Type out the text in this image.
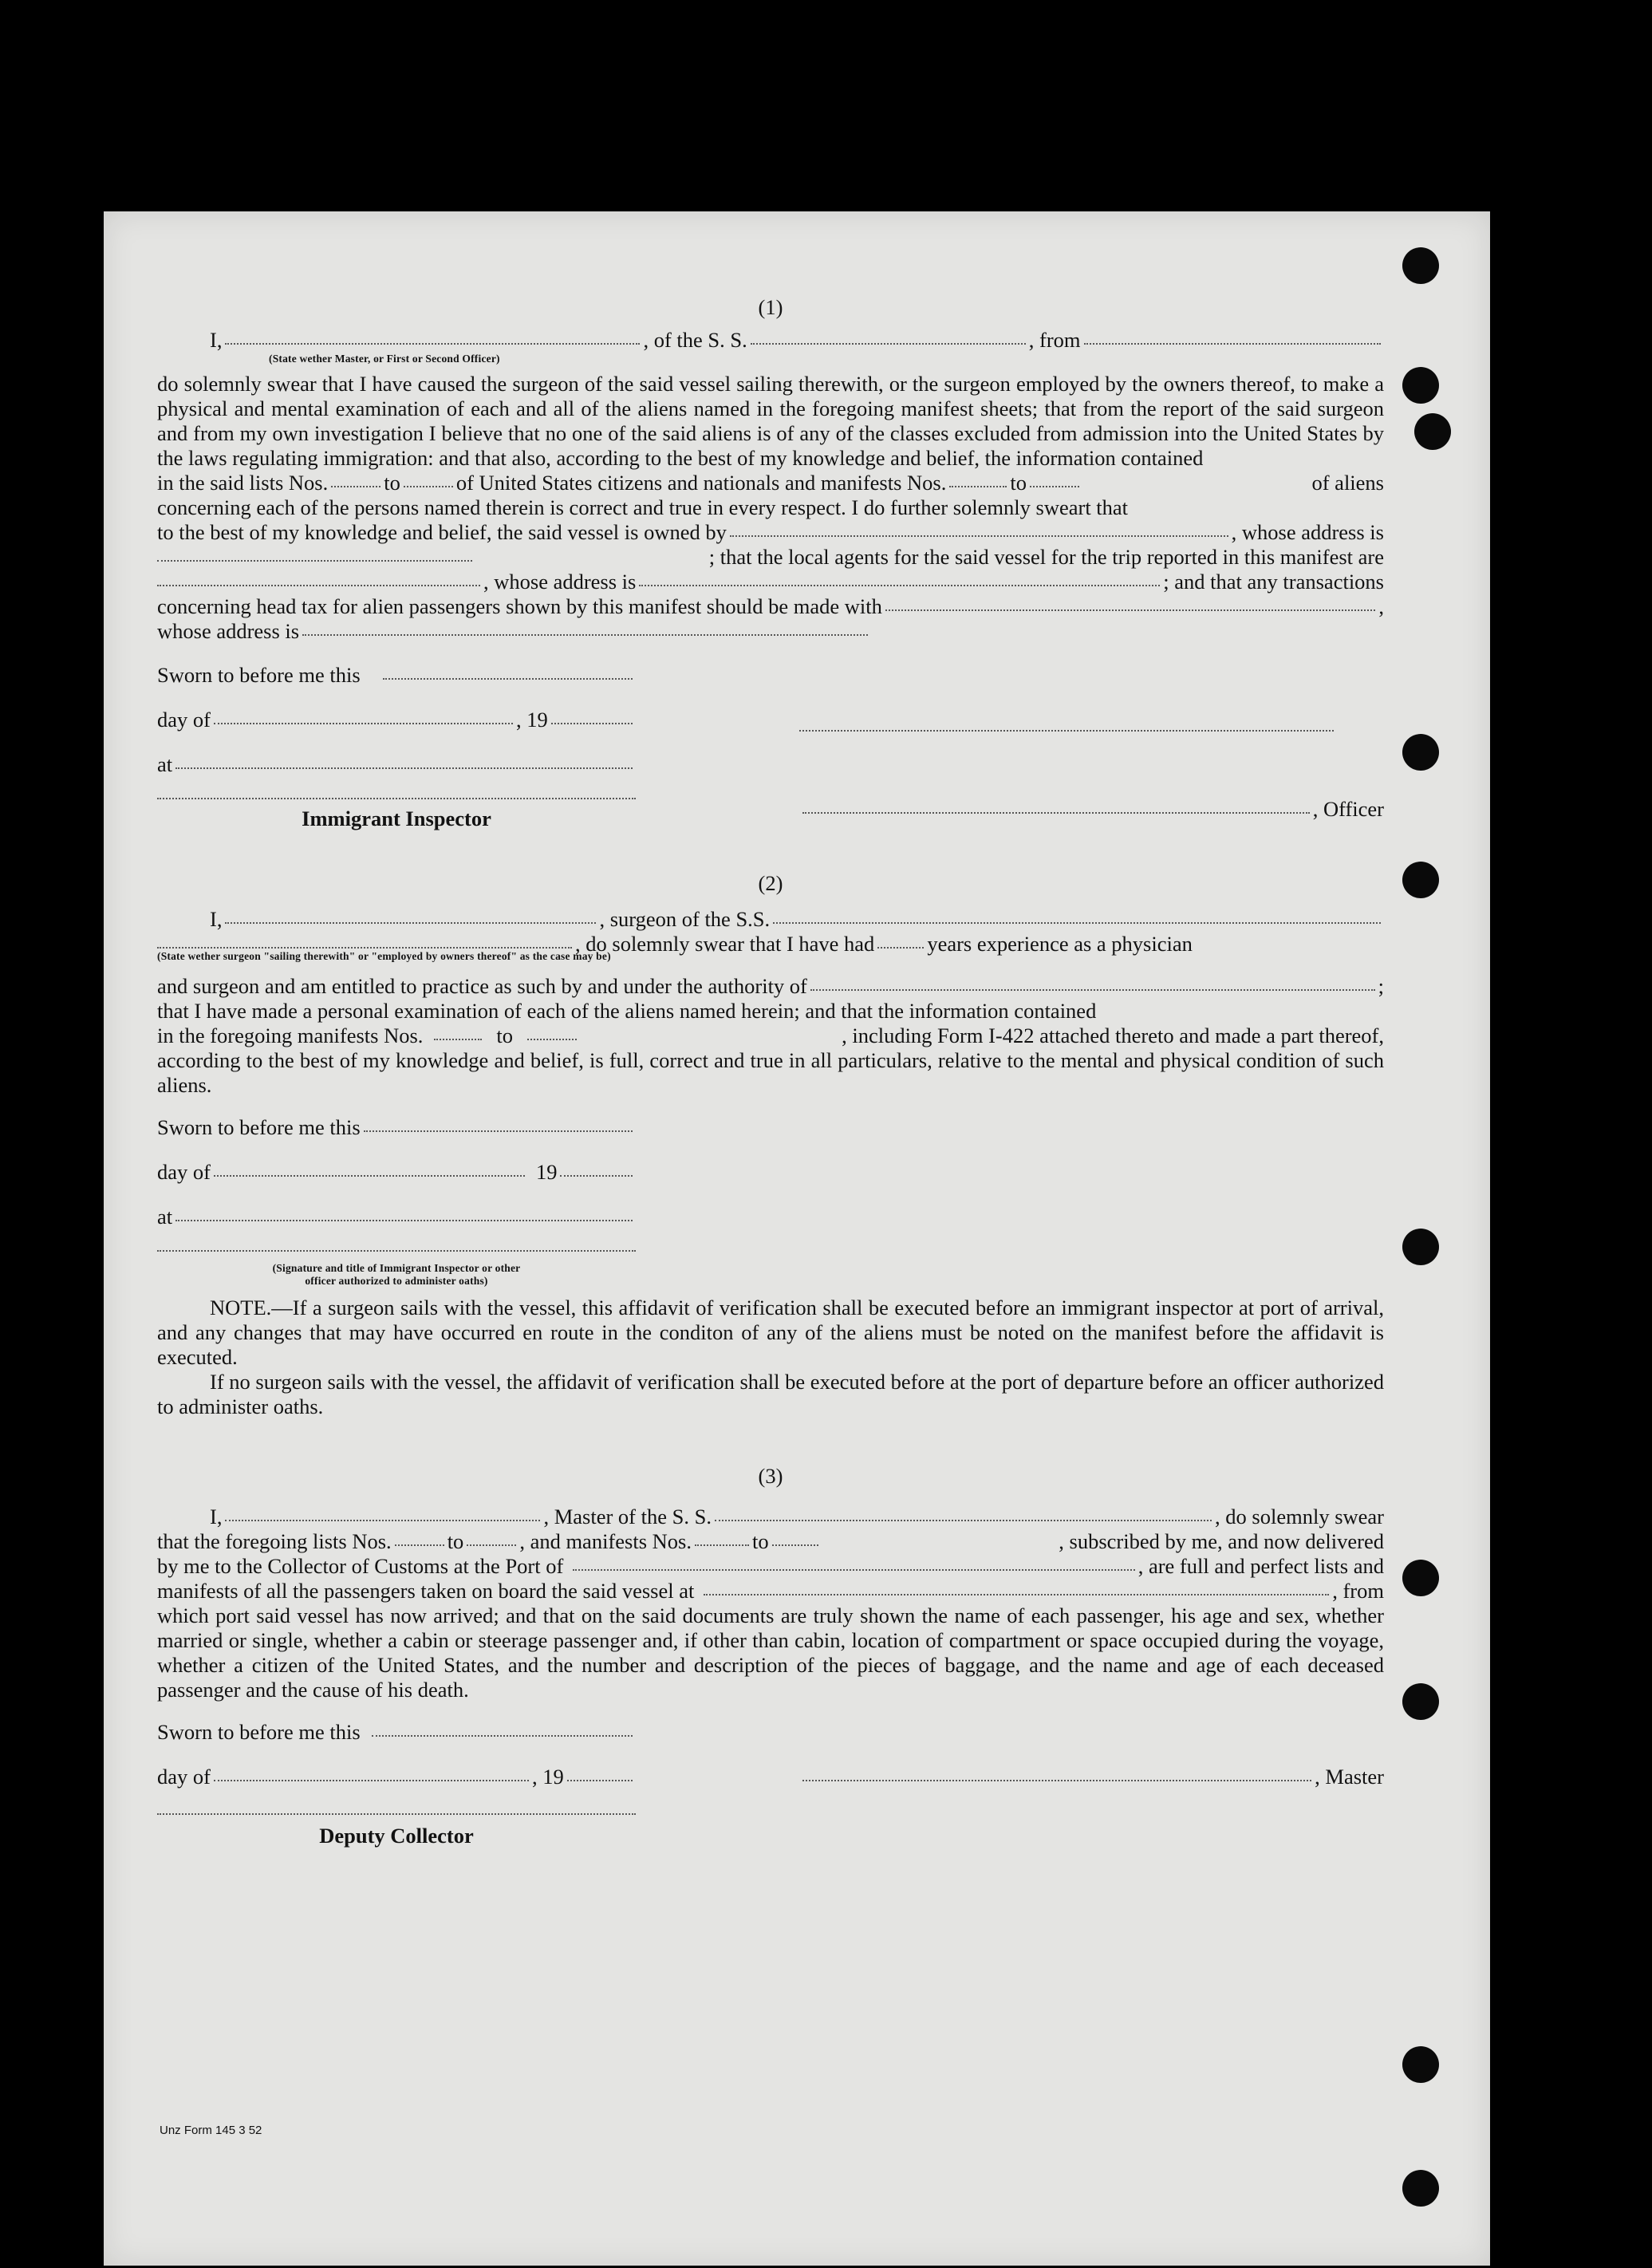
(1)

I,	, of the S. S.	, from
(State wether Master, or First or Second Officer)

do solemnly swear that I have caused the surgeon of the said vessel sailing therewith, or the surgeon employed by the owners thereof, to make a physical and mental examination of each and all of the aliens named in the foregoing manifest sheets; that from the report of the said surgeon and from my own investigation I believe that no one of the said aliens is of any of the classes excluded from admission into the United States by the laws regulating immigration: and that also, according to the best of my knowledge and belief, the information contained

in the said lists Nos.	to	of United States citizens and nationals and manifests Nos.	to	of aliens

concerning each of the persons named therein is correct and true in every respect. I do further solemnly sweart that

to the best of my knowledge and belief, the said vessel is owned by	, whose address is
; that the local agents for the said vessel for the trip reported in this manifest are
, whose address is	; and that any transactions
concerning head tax for alien passengers shown by this manifest should be made with	,
whose address is
Sworn to before me this
day of	, 19
at
Immigrant Inspector	, Officer

(2)

I,	, surgeon of the S.S.
, do solemnly swear that I have had years experience as a physician
(State wether surgeon "sailing therewith" or "employed by owners thereof" as the case may be)
and surgeon and am entitled to practice as such by and under the authority of	;

that I have made a personal examination of each of the aliens named herein; and that the information contained

in the foregoing manifests Nos.	to	, including Form I-422 attached thereto and made a part thereof,

according to the best of my knowledge and belief, is full, correct and true in all particulars, relative to the mental and physical condition of such aliens.

Sworn to before me this
day of	19
at
(Signature and title of Immigrant Inspector or other
officer authorized to administer oaths)

NOTE.—If a surgeon sails with the vessel, this affidavit of verification shall be executed before an immigrant inspector at port of arrival, and any changes that may have occurred en route in the conditon of any of the aliens must be noted on the manifest before the affidavit is executed.

If no surgeon sails with the vessel, the affidavit of verification shall be executed before at the port of departure before an officer authorized to administer oaths.

(3)

I,	, Master of the S. S.	, do solemnly swear
that the foregoing lists Nos.	to	, and manifests Nos.	to	, subscribed by me, and now delivered
by me to the Collector of Customs at the Port of	, are full and perfect lists and
manifests of all the passengers taken on board the said vessel at	, from

which port said vessel has now arrived; and that on the said documents are truly shown the name of each passenger, his age and sex, whether married or single, whether a cabin or steerage passenger and, if other than cabin, location of compartment or space occupied during the voyage, whether a citizen of the United States, and the number and description of the pieces of baggage, and the name and age of each deceased passenger and the cause of his death.

Sworn to before me this
day of	, 19	, Master
Deputy Collector
Unz Form 145 3 52
